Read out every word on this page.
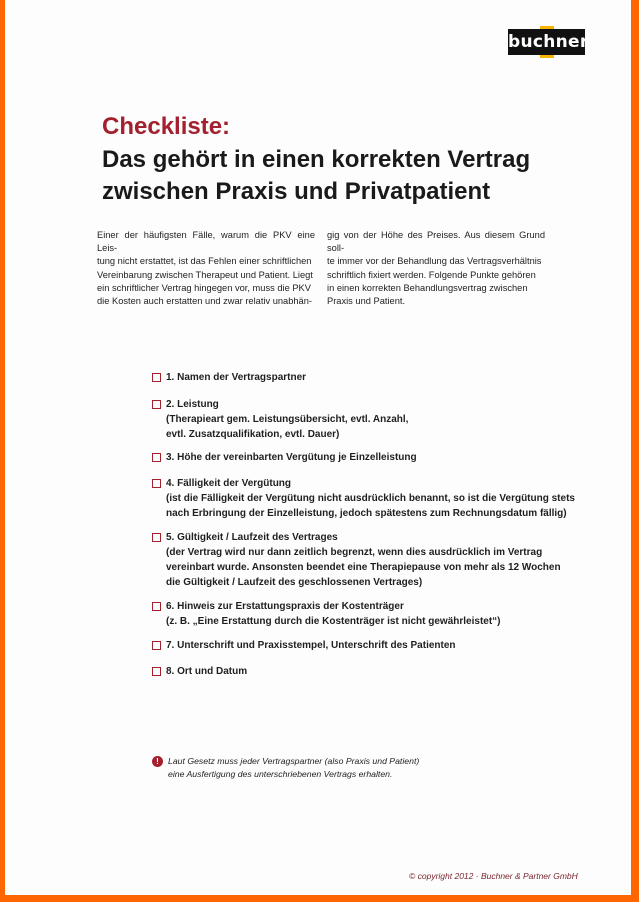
buchner
Checkliste:
Das gehört in einen korrekten Vertrag
zwischen Praxis und Privatpatient
Einer der häufigsten Fälle, warum die PKV eine Leis-
tung nicht erstattet, ist das Fehlen einer schriftlichen
Vereinbarung zwischen Therapeut und Patient. Liegt
ein schriftlicher Vertrag hingegen vor, muss die PKV
die Kosten auch erstatten und zwar relativ unabhän-
gig von der Höhe des Preises. Aus diesem Grund soll-
te immer vor der Behandlung das Vertragsverhältnis
schriftlich fixiert werden. Folgende Punkte gehören
in einen korrekten Behandlungsvertrag zwischen
Praxis und Patient.
1. Namen der Vertragspartner
2. Leistung
(Therapieart gem. Leistungsübersicht, evtl. Anzahl,
evtl. Zusatzqualifikation, evtl. Dauer)
3. Höhe der vereinbarten Vergütung je Einzelleistung
4. Fälligkeit der Vergütung
(ist die Fälligkeit der Vergütung nicht ausdrücklich benannt, so ist die Vergütung stets
nach Erbringung der Einzelleistung, jedoch spätestens zum Rechnungsdatum fällig)
5. Gültigkeit / Laufzeit des Vertrages
(der Vertrag wird nur dann zeitlich begrenzt, wenn dies ausdrücklich im Vertrag
vereinbart wurde. Ansonsten beendet eine Therapiepause von mehr als 12 Wochen
die Gültigkeit / Laufzeit des geschlossenen Vertrages)
6. Hinweis zur Erstattungspraxis der Kostenträger
(z. B. „Eine Erstattung durch die Kostenträger ist nicht gewährleistet“)
7. Unterschrift und Praxisstempel, Unterschrift des Patienten
8. Ort und Datum
!	Laut Gesetz muss jeder Vertragspartner (also Praxis und Patient)
eine Ausfertigung des unterschriebenen Vertrags erhalten.
© copyright 2012 · Buchner & Partner GmbH
